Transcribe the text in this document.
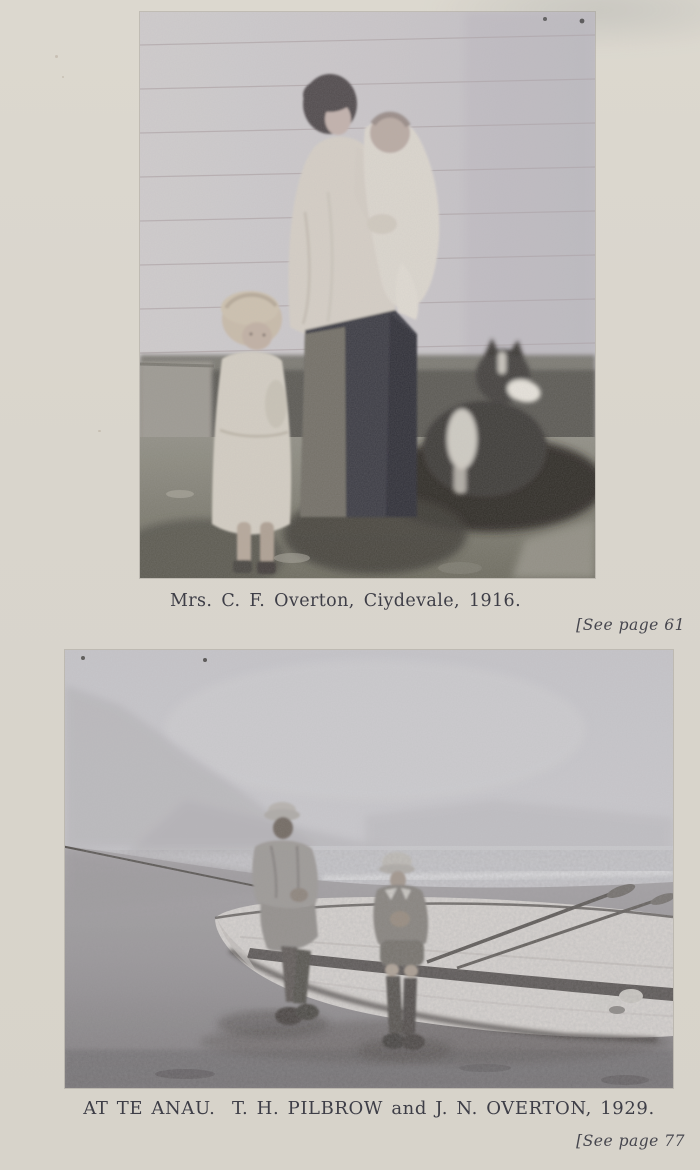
Mrs. C. F. Overton, Ciydevale, 1916.
[See page 61
AT TE ANAU.  T. H. PILBROW and J. N. OVERTON, 1929.
[See page 77
